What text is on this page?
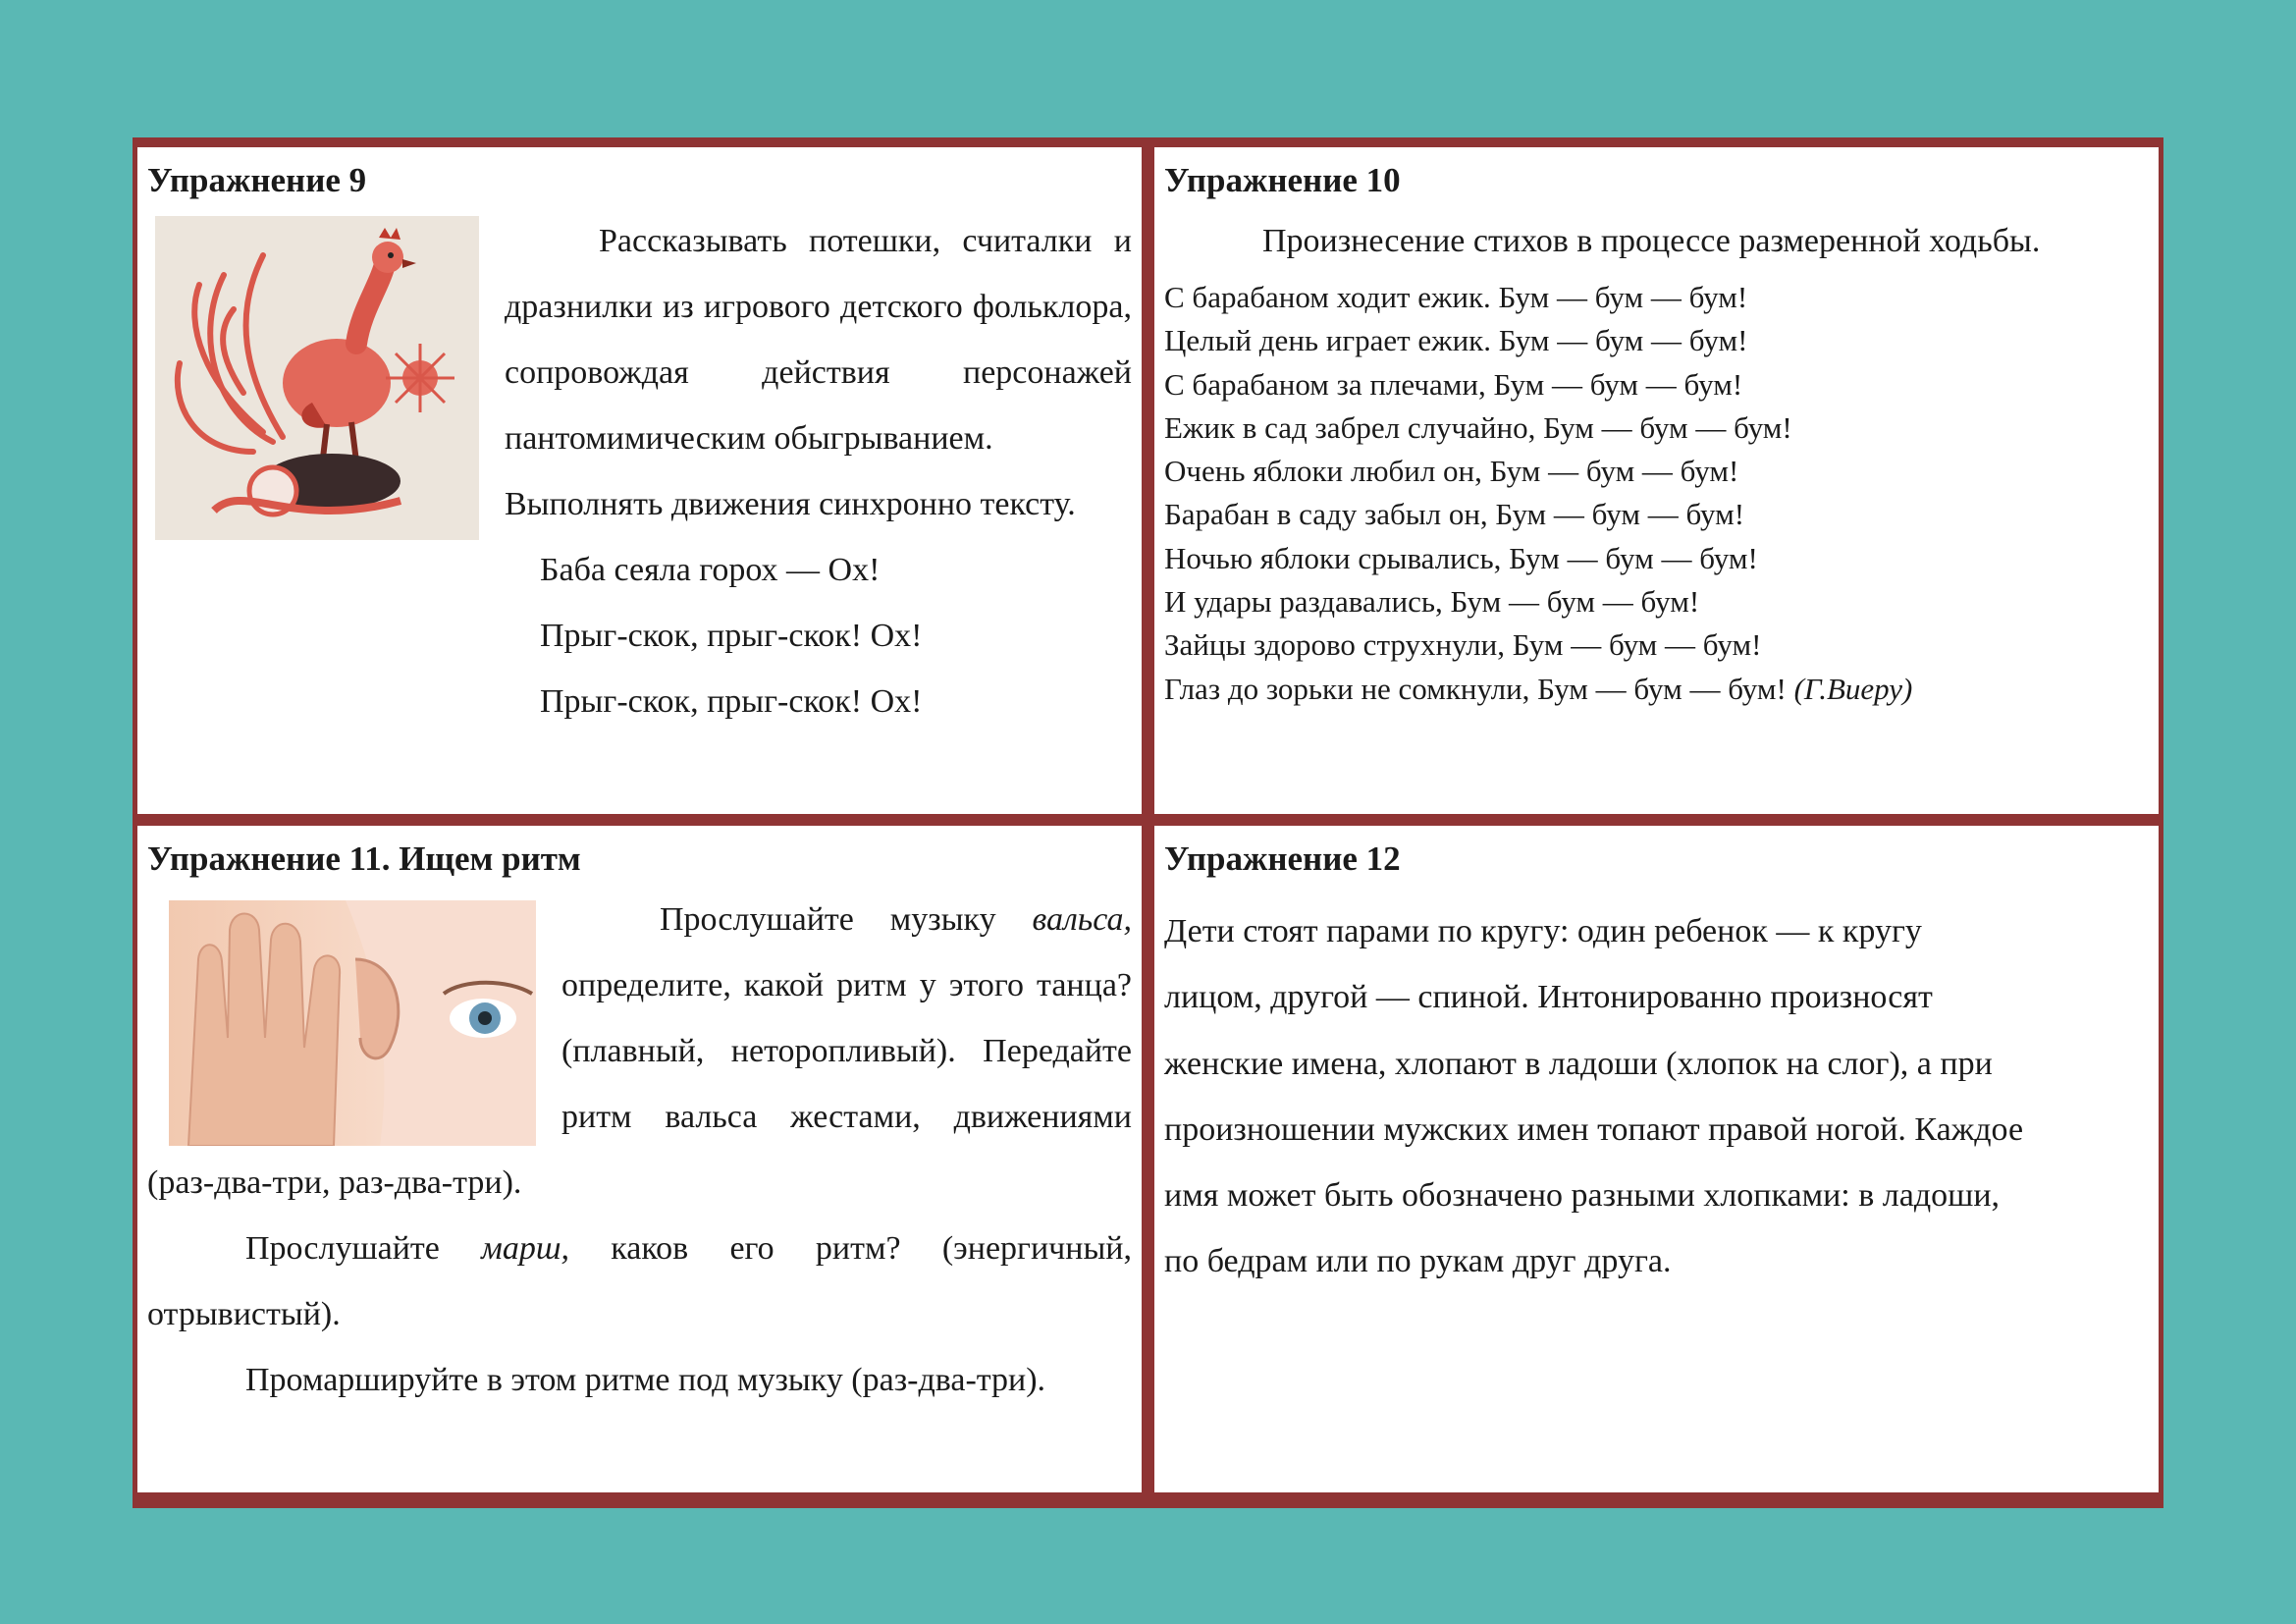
Упражнение 9

Рассказывать потешки, считалки и дразнилки из игрового детского фольклора, сопровождая действия персонажей пантомимическим обыгрыванием.

Выполнять движения синхронно тексту.

Баба сеяла горох — Ох!
Прыг-скок, прыг-скок! Ох!
Прыг-скок, прыг-скок! Ох!
Упражнение 10

Произнесение стихов в процессе размеренной ходьбы.

С барабаном ходит ежик. Бум — бум — бум!
Целый день играет ежик. Бум — бум — бум!
С барабаном за плечами, Бум — бум — бум!
Ежик в сад забрел случайно, Бум — бум — бум!
Очень яблоки любил он, Бум — бум — бум!
Барабан в саду забыл он, Бум — бум — бум!
Ночью яблоки срывались, Бум — бум — бум!
И удары раздавались, Бум — бум — бум!
Зайцы здорово струхнули, Бум — бум — бум!
Глаз до зорьки не сомкнули, Бум — бум — бум! (Г.Виеру)
Упражнение 11. Ищем ритм

Прослушайте музыку вальса, определите, какой ритм у этого танца? (плавный, неторопливый). Передайте ритм вальса жестами, движениями (раз-два-три, раз-два-три).

Прослушайте марш, каков его ритм? (энергичный, отрывистый).

Промаршируйте в этом ритме под музыку (раз-два-три).

Упражнение 12

Дети стоят парами по кругу: один ребенок — к кругу

лицом, другой — спиной. Интонированно произносят

женские имена, хлопают в ладоши (хлопок на слог), а при

произношении мужских имен топают правой ногой. Каждое

имя может быть обозначено разными хлопками: в ладоши,

по бедрам или по рукам друг друга.
